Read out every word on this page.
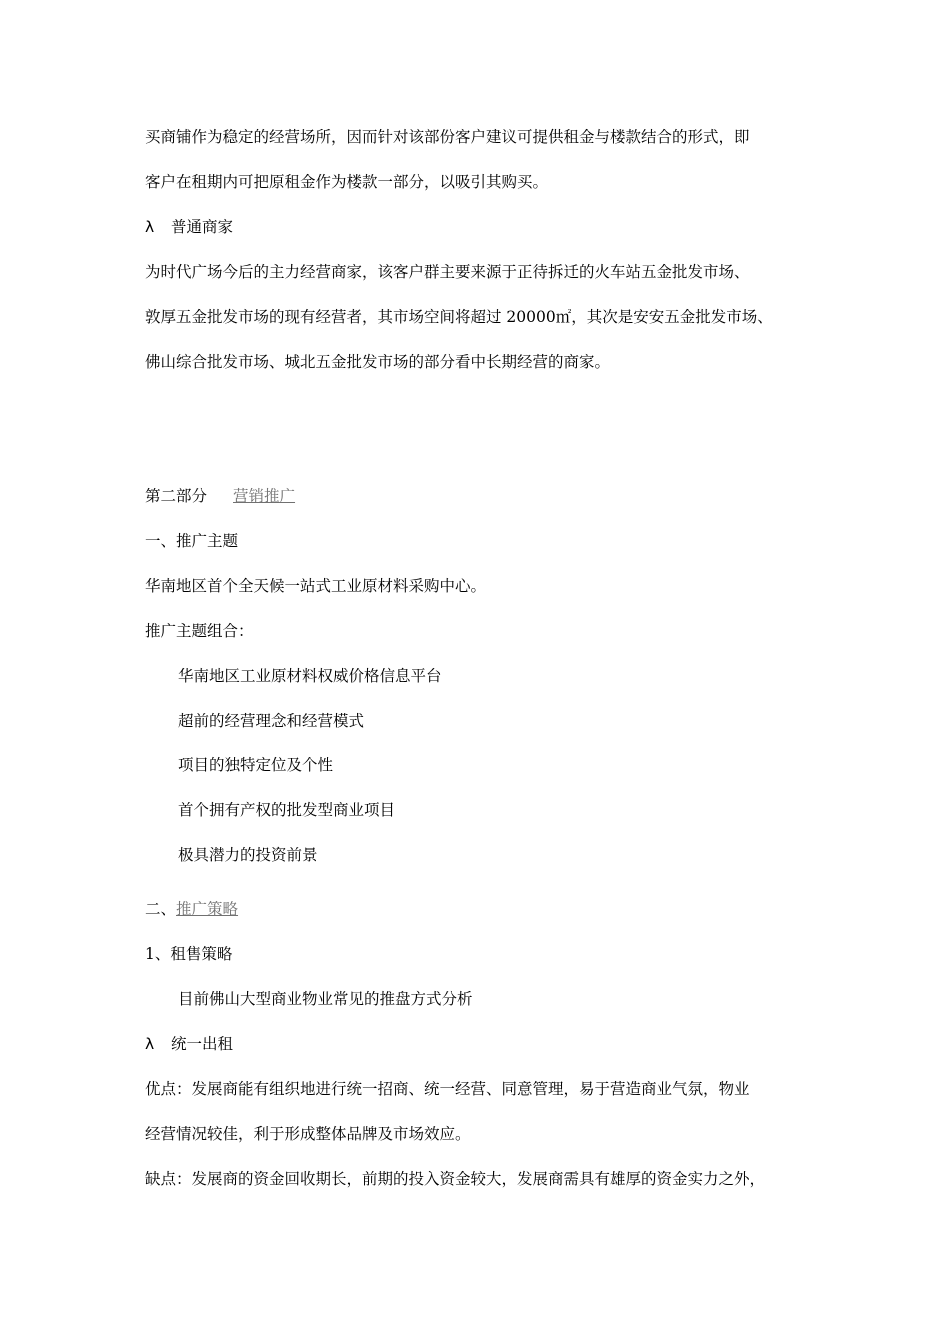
买商铺作为稳定的经营场所，因而针对该部份客户建议可提供租金与楼款结合的形式，即
客户在租期内可把原租金作为楼款一部分，以吸引其购买。
λ 普通商家
为时代广场今后的主力经营商家，该客户群主要来源于正待拆迁的火车站五金批发市场、
敦厚五金批发市场的现有经营者，其市场空间将超过 20000㎡，其次是安安五金批发市场、
佛山综合批发市场、城北五金批发市场的部分看中长期经营的商家。
第二部分 营销推广
一、推广主题
华南地区首个全天候一站式工业原材料采购中心。
推广主题组合：
华南地区工业原材料权威价格信息平台
超前的经营理念和经营模式
项目的独特定位及个性
首个拥有产权的批发型商业项目
极具潜力的投资前景
二、推广策略
1、租售策略
目前佛山大型商业物业常见的推盘方式分析
λ 统一出租
优点：发展商能有组织地进行统一招商、统一经营、同意管理，易于营造商业气氛，物业
经营情况较佳，利于形成整体品牌及市场效应。
缺点：发展商的资金回收期长，前期的投入资金较大，发展商需具有雄厚的资金实力之外，
